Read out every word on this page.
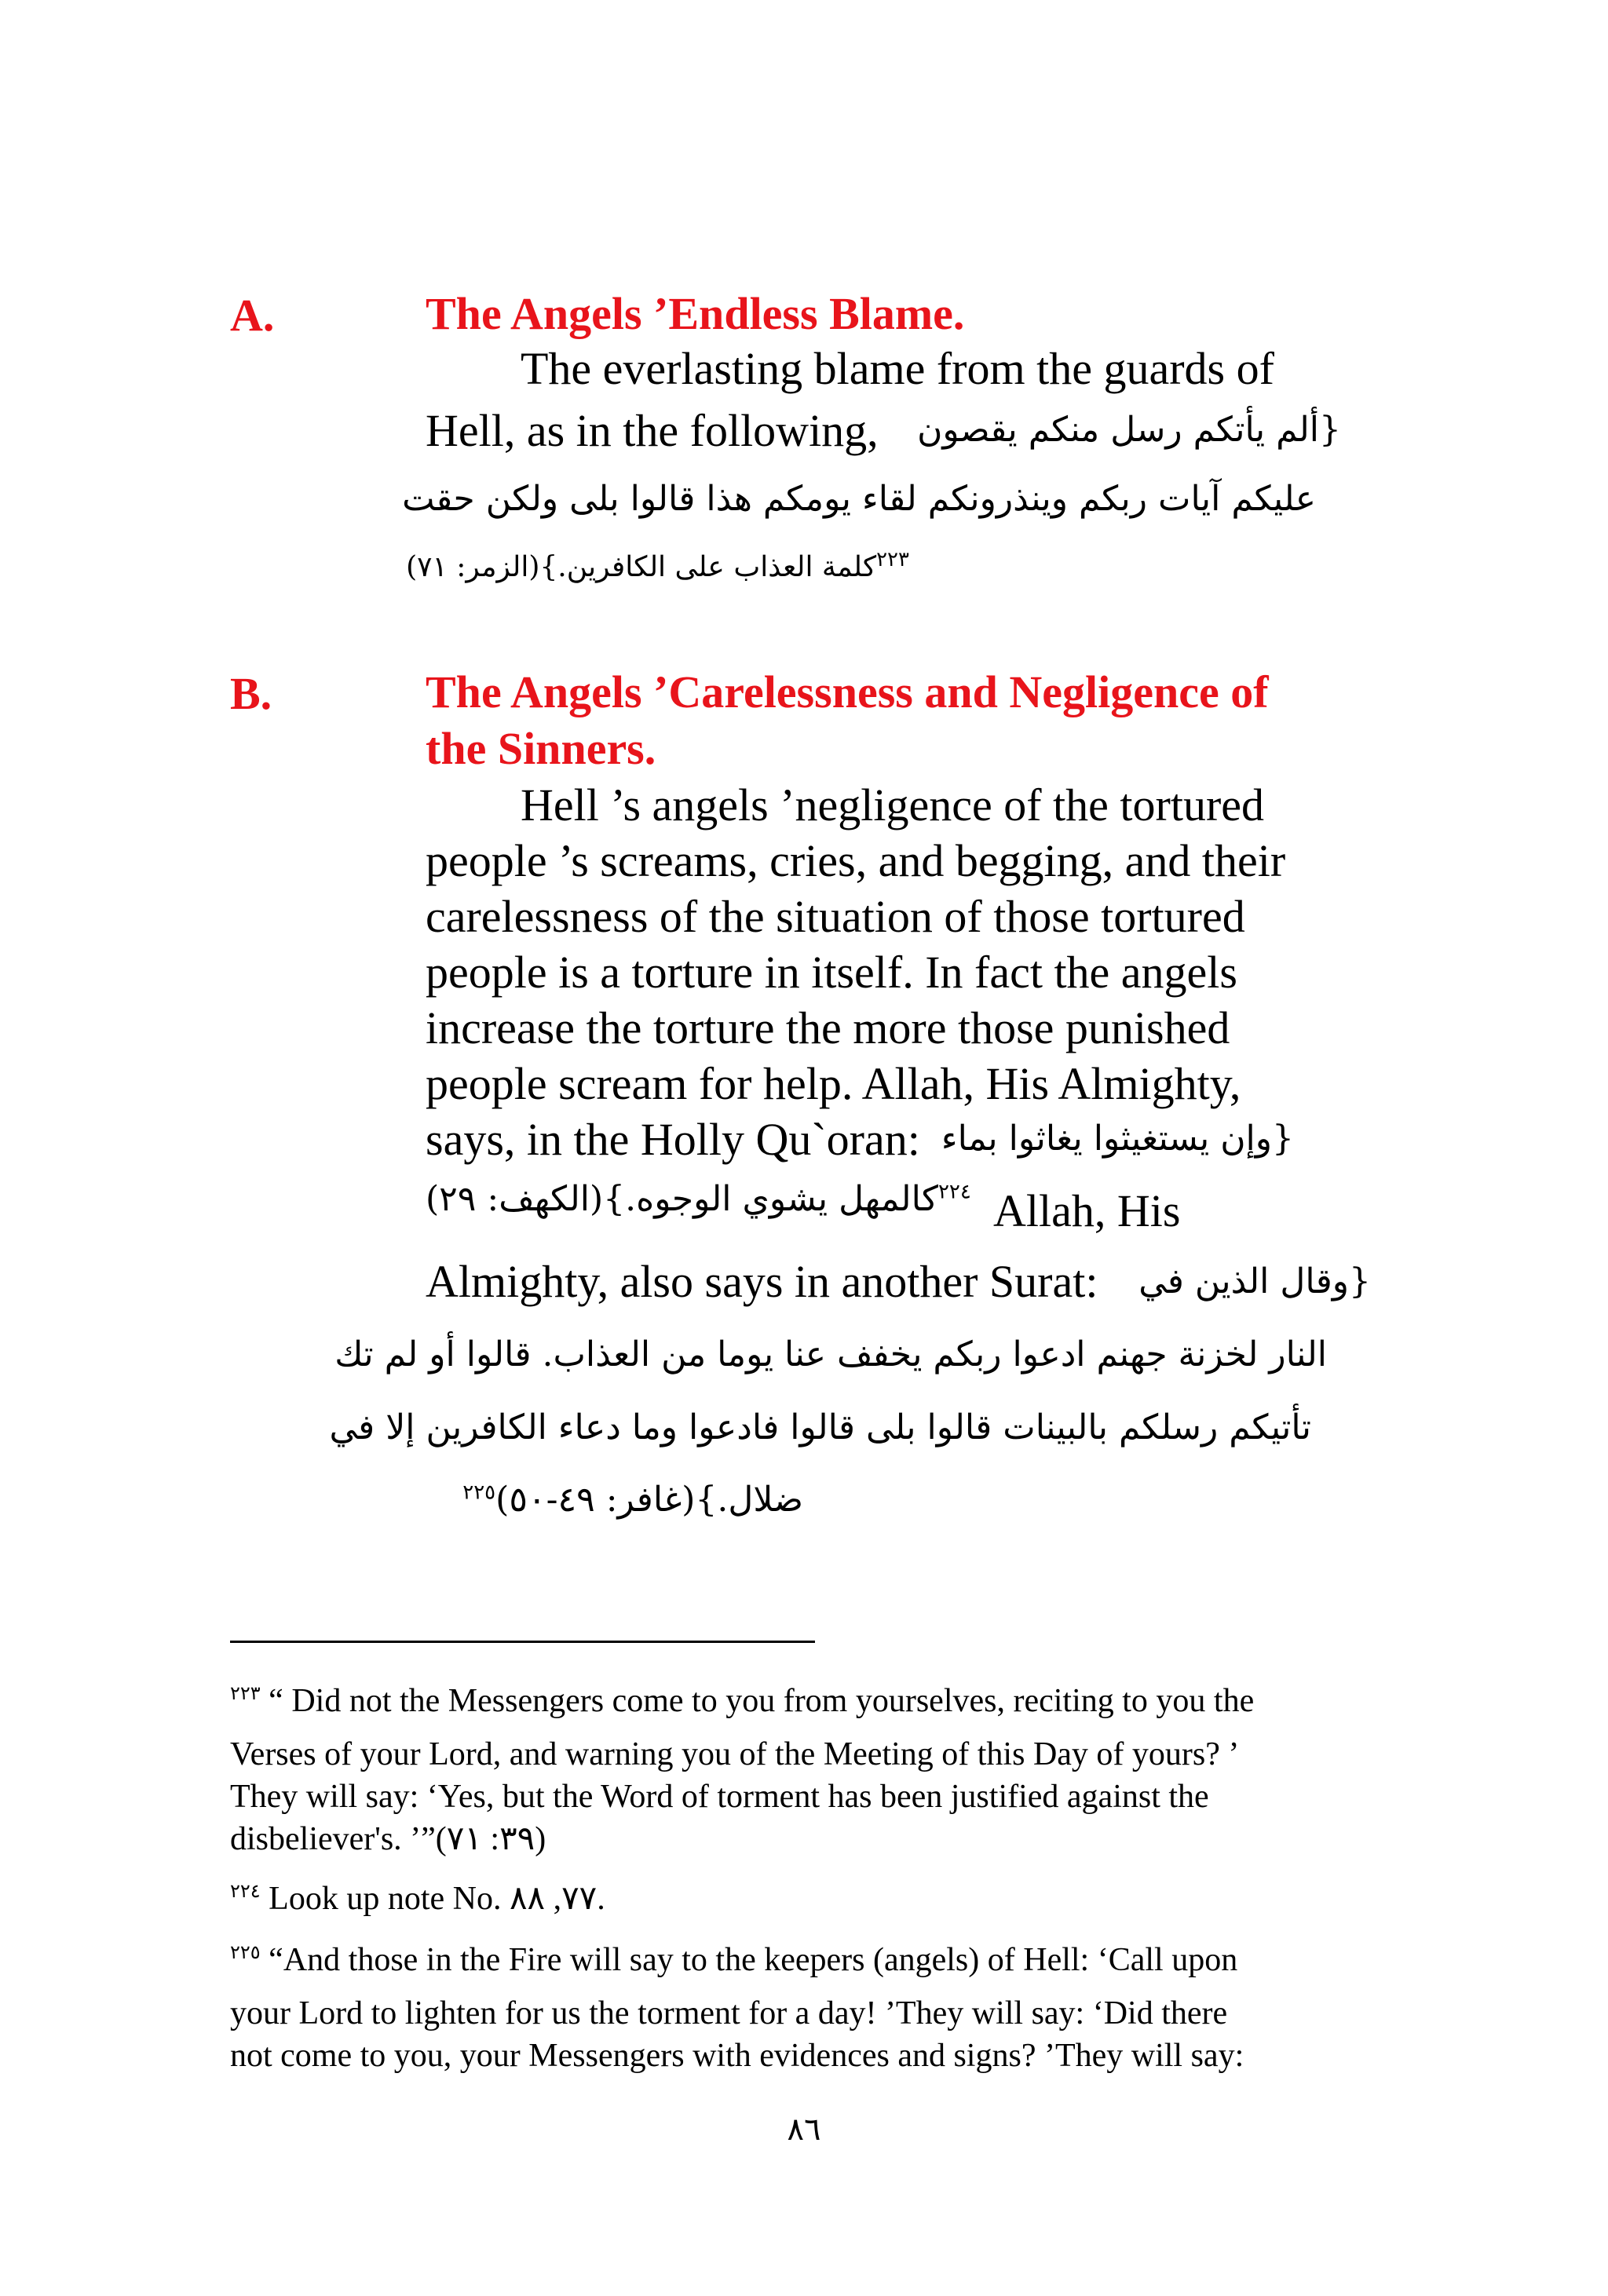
A.	The Angels ’Endless Blame.
The everlasting blame from the guards of
Hell, as in the following,	{ألم يأتكم رسل منكم يقصون
عليكم آيات ربكم وينذرونكم لقاء يومكم هذا قالوا بلى ولكن حقت
$^{٢٢٣}$كلمة العذاب على الكافرين.}(الزمر: ٧١)
B.	The Angels ’Carelessness and Negligence of
the Sinners.
Hell ’s angels ’negligence of the tortured
people ’s screams, cries, and begging, and their
carelessness of the situation of those tortured
people is a torture in itself. In fact the angels
increase the torture the more those punished
people scream for help. Allah, His Almighty,
says, in the Holly Qu`oran: {وإن يستغيثوا يغاثوا بماء
$^{٢٢٤}$كالمهل يشوي الوجوه.}(الكهف: ٢٩)	Allah, His
Almighty, also says in another Surat:	{وقال الذين في
النار لخزنة جهنم ادعوا ربكم يخفف عنا يوما من العذاب. قالوا أو لم تك
تأتيكم رسلكم بالبينات قالوا بلى قالوا فادعوا وما دعاء الكافرين إلا في
ضلال.}(غافر: ٤٩-٥٠)$^{٢٢٥}$
$^{٢٢٣}$ “ Did not the Messengers come to you from yourselves, reciting to you the
Verses of your Lord, and warning you of the Meeting of this Day of yours? ’
They will say: ‘Yes, but the Word of torment has been justified against the
disbeliever's. ’”(٣٩: ٧١)
$^{٢٢٤}$ Look up note No. ٧٧, ٨٨.
$^{٢٢٥}$ “And those in the Fire will say to the keepers (angels) of Hell: ‘Call upon
your Lord to lighten for us the torment for a day! ’They will say: ‘Did there
not come to you, your Messengers with evidences and signs? ’They will say:
٨٦
